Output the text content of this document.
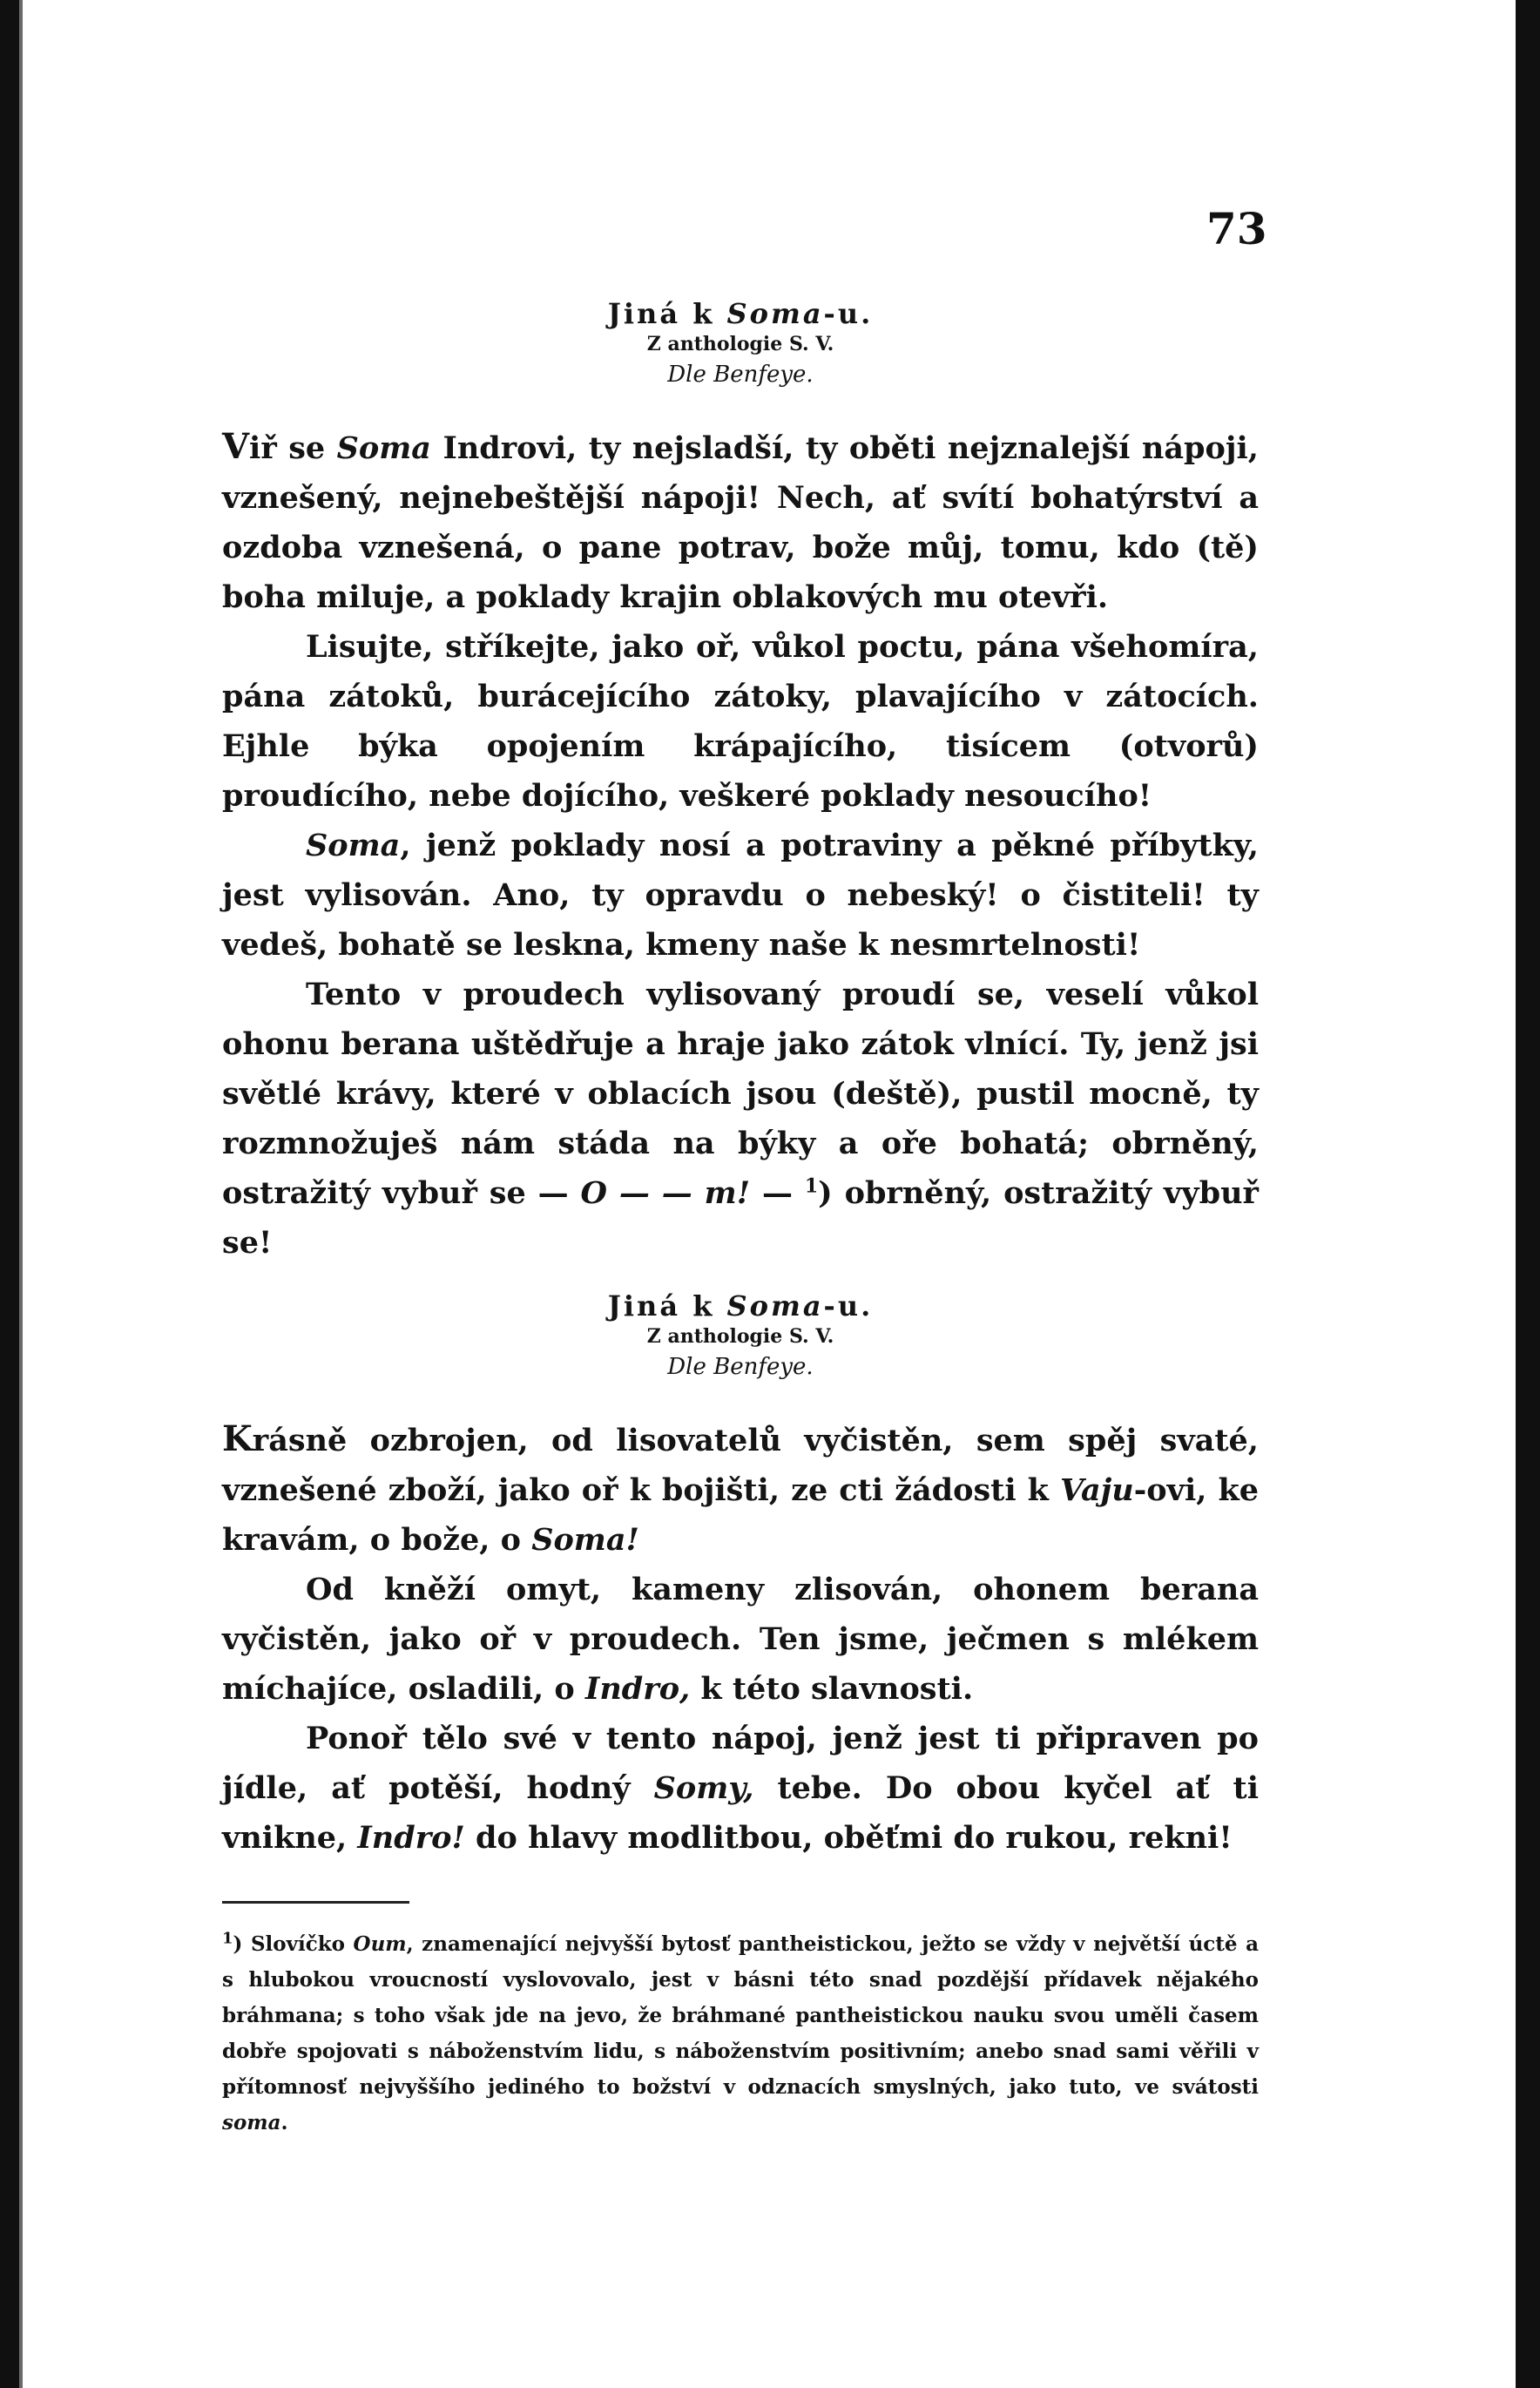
73

Jiná k Soma-u.
Z anthologie S. V.
Dle Benfeye.

Viř se Soma Indrovi, ty nejsladší, ty oběti nejznalejší nápoji, vznešený, nejnebeštější nápoji! Nech, ať svítí bohatýrství a ozdoba vznešená, o pane potrav, bože můj, tomu, kdo (tě) boha miluje, a poklady krajin oblakových mu otevři.

Lisujte, stříkejte, jako oř, vůkol poctu, pána všehomíra, pána zátoků, burácejícího zátoky, plavajícího v zátocích. Ejhle býka opojením krápajícího, tisícem (otvorů) proudícího, nebe dojícího, veškeré poklady nesoucího!

Soma, jenž poklady nosí a potraviny a pěkné příbytky, jest vylisován. Ano, ty opravdu o nebeský! o čistiteli! ty vedeš, bohatě se leskna, kmeny naše k nesmrtelnosti!

Tento v proudech vylisovaný proudí se, veselí vůkol ohonu berana uštědřuje a hraje jako zátok vlnící. Ty, jenž jsi světlé krávy, které v oblacích jsou (deště), pustil mocně, ty rozmnožuješ nám stáda na býky a oře bohatá; obrněný, ostražitý vybuř se — O — — m! — $^1$) obrněný, ostražitý vybuř se!

Jiná k Soma-u.
Z anthologie S. V.
Dle Benfeye.

Krásně ozbrojen, od lisovatelů vyčistěn, sem spěj svaté, vznešené zboží, jako oř k bojišti, ze cti žádosti k Vaju-ovi, ke kravám, o bože, o Soma!

Od kněží omyt, kameny zlisován, ohonem berana vyčistěn, jako oř v proudech. Ten jsme, ječmen s mlékem míchajíce, osladili, o Indro, k této slavnosti.

Ponoř tělo své v tento nápoj, jenž jest ti připraven po jídle, ať potěší, hodný Somy, tebe. Do obou kyčel ať ti vnikne, Indro! do hlavy modlitbou, oběťmi do rukou, rekni!

$^1$) Slovíčko Oum, znamenající nejvyšší bytosť pantheistickou, ježto se vždy v největší úctě a s hlubokou vroucností vyslovovalo, jest v básni této snad pozdější přídavek nějakého bráhmana; s toho však jde na jevo, že bráhmané pantheistickou nauku svou uměli časem dobře spojovati s náboženstvím lidu, s náboženstvím positivním; anebo snad sami věřili v přítomnosť nejvyššího jediného to božství v odznacích smyslných, jako tuto, ve svátosti soma.
